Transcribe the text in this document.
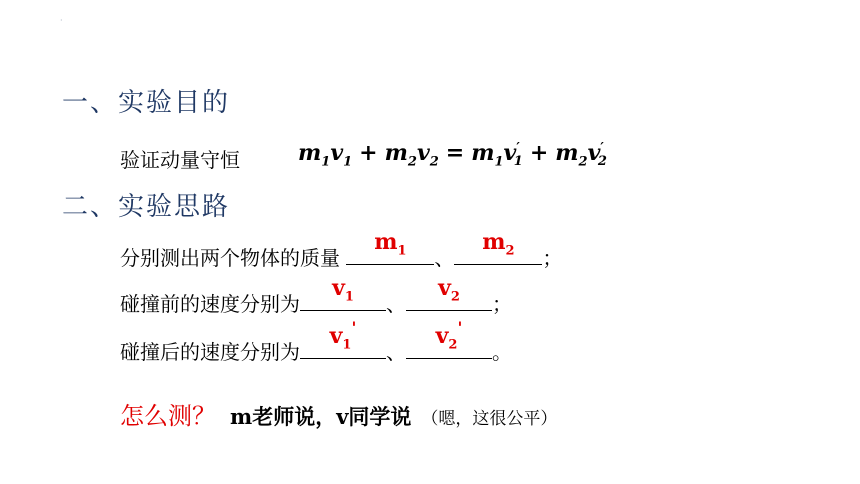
·
一、实验目的
验证动量守恒	$m_1v_1 + m_2v_2 = m_1v'_1 + m_2v'_2$
二、实验思路
分别测出两个物体的质量
$m_1$	、
$m_2$	；
碰撞前的速度分别为
$v_1$	、
$v_2$	；
碰撞后的速度分别为
$v_1'$
、
$v_2'$
。
怎么测？ m老师说，v同学说 （嗯，这很公平）
